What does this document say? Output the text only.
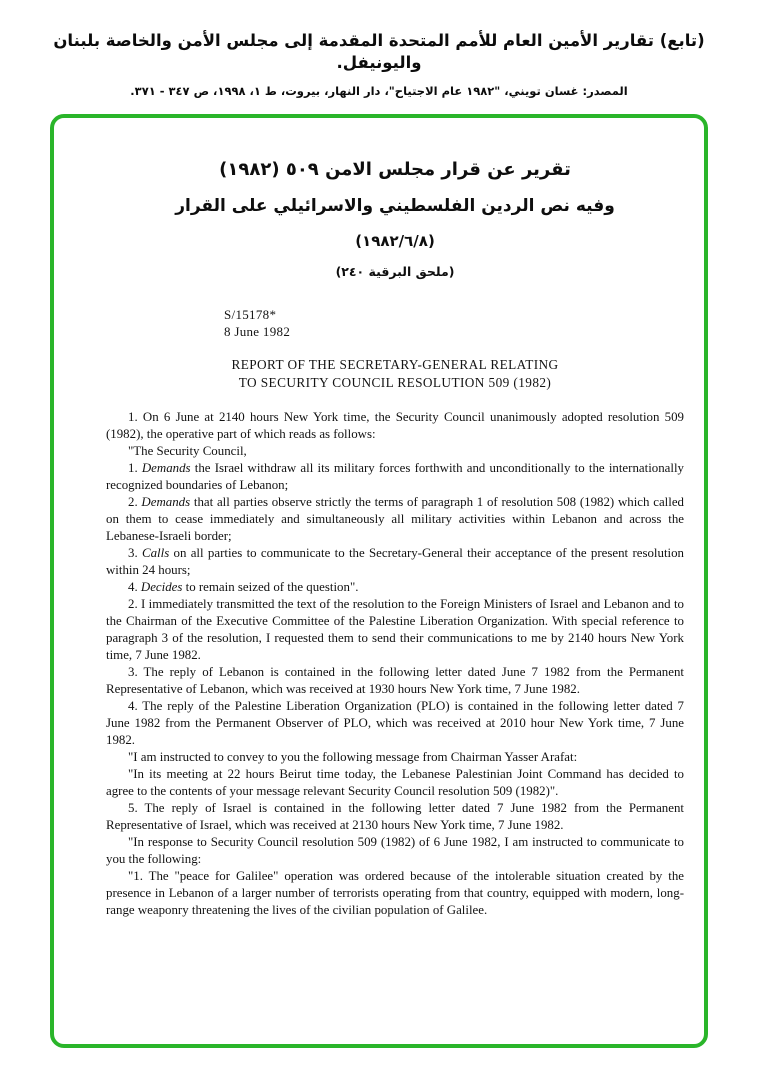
(تابع) تقارير الأمين العام للأمم المتحدة المقدمة إلى مجلس الأمن والخاصة بلبنان واليونيفل.
المصدر: غسان تويني، "١٩٨٢ عام الاجتياح"، دار النهار، بيروت، ط ١، ١٩٩٨، ص ٣٤٧ - ٣٧١.
تقرير عن قرار مجلس الامن ٥٠٩ (١٩٨٢)
وفيه نص الردين الفلسطيني والاسرائيلي على القرار
(١٩٨٢/٦/٨)
(ملحق البرقية ٢٤٠)
S/15178*
8 June 1982
REPORT OF THE SECRETARY-GENERAL RELATING
TO SECURITY COUNCIL RESOLUTION 509 (1982)

1. On 6 June at 2140 hours New York time, the Security Council unanimously adopted resolution 509 (1982), the operative part of which reads as follows:

"The Security Council,

1. Demands the Israel withdraw all its military forces forthwith and unconditionally to the internationally recognized boundaries of Lebanon;

2. Demands that all parties observe strictly the terms of paragraph 1 of resolution 508 (1982) which called on them to cease immediately and simultaneously all military activities within Lebanon and across the Lebanese-Israeli border;

3. Calls on all parties to communicate to the Secretary-General their acceptance of the present resolution within 24 hours;

4. Decides to remain seized of the question".

2. I immediately transmitted the text of the resolution to the Foreign Ministers of Israel and Lebanon and to the Chairman of the Executive Committee of the Palestine Liberation Organization. With special reference to paragraph 3 of the resolution, I requested them to send their communications to me by 2140 hours New York time, 7 June 1982.

3. The reply of Lebanon is contained in the following letter dated June 7 1982 from the Permanent Representative of Lebanon, which was received at 1930 hours New York time, 7 June 1982.

4. The reply of the Palestine Liberation Organization (PLO) is contained in the following letter dated 7 June 1982 from the Permanent Observer of PLO, which was received at 2010 hour New York time, 7 June 1982.

"I am instructed to convey to you the following message from Chairman Yasser Arafat:

"In its meeting at 22 hours Beirut time today, the Lebanese Palestinian Joint Command has decided to agree to the contents of your message relevant Security Council resolution 509 (1982)".

5. The reply of Israel is contained in the following letter dated 7 June 1982 from the Permanent Representative of Israel, which was received at 2130 hours New York time, 7 June 1982.

"In response to Security Council resolution 509 (1982) of 6 June 1982, I am instructed to communicate to you the following:

"1. The "peace for Galilee" operation was ordered because of the intolerable situation created by the presence in Lebanon of a larger number of terrorists operating from that country, equipped with modern, long-range weaponry threatening the lives of the civilian population of Galilee.
